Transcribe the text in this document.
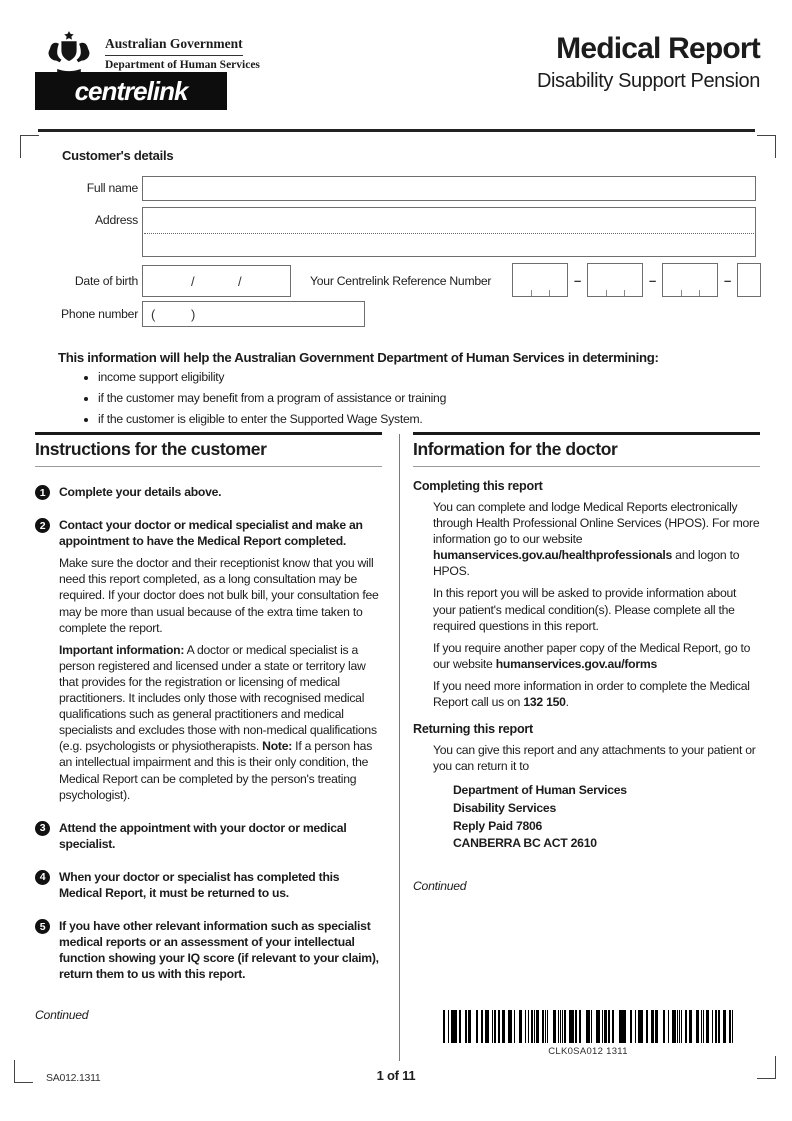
Australian Government
Department of Human Services
centrelink
Medical Report
Disability Support Pension
Customer's details
Full name
Address
Date of birth	/	/	Your Centrelink Reference Number	–	–	–
Phone number (	)
This information will help the Australian Government Department of Human Services in determining:
• income support eligibility
• if the customer may benefit from a program of assistance or training
• if the customer is eligible to enter the Supported Wage System.
Instructions for the customer
1	Complete your details above.

2	Contact your doctor or medical specialist and make an appointment to have the Medical Report completed.

Make sure the doctor and their receptionist know that you will need this report completed, as a long consultation may be required. If your doctor does not bulk bill, your consultation fee may be more than usual because of the extra time taken to complete the report.

Important information: A doctor or medical specialist is a person registered and licensed under a state or territory law that provides for the registration or licensing of medical practitioners. It includes only those with recognised medical qualifications such as general practitioners and medical specialists and excludes those with non-medical qualifications (e.g. psychologists or physiotherapists. Note: If a person has an intellectual impairment and this is their only condition, the Medical Report can be completed by the person's treating psychologist).

3	Attend the appointment with your doctor or medical specialist.

4	When your doctor or specialist has completed this Medical Report, it must be returned to us.

5	If you have other relevant information such as specialist medical reports or an assessment of your intellectual function showing your IQ score (if relevant to your claim), return them to us with this report.

Continued
Information for the doctor

Completing this report

You can complete and lodge Medical Reports electronically through Health Professional Online Services (HPOS). For more information go to our website humanservices.gov.au/healthprofessionals and logon to HPOS.

In this report you will be asked to provide information about your patient's medical condition(s). Please complete all the required questions in this report.

If you require another paper copy of the Medical Report, go to our website humanservices.gov.au/forms

If you need more information in order to complete the Medical Report call us on 132 150.

Returning this report

You can give this report and any attachments to your patient or you can return it to

Department of Human Services
Disability Services
Reply Paid 7806
CANBERRA BC ACT 2610
Continued
CLK0SA012 1311
SA012.1311	1 of 11
